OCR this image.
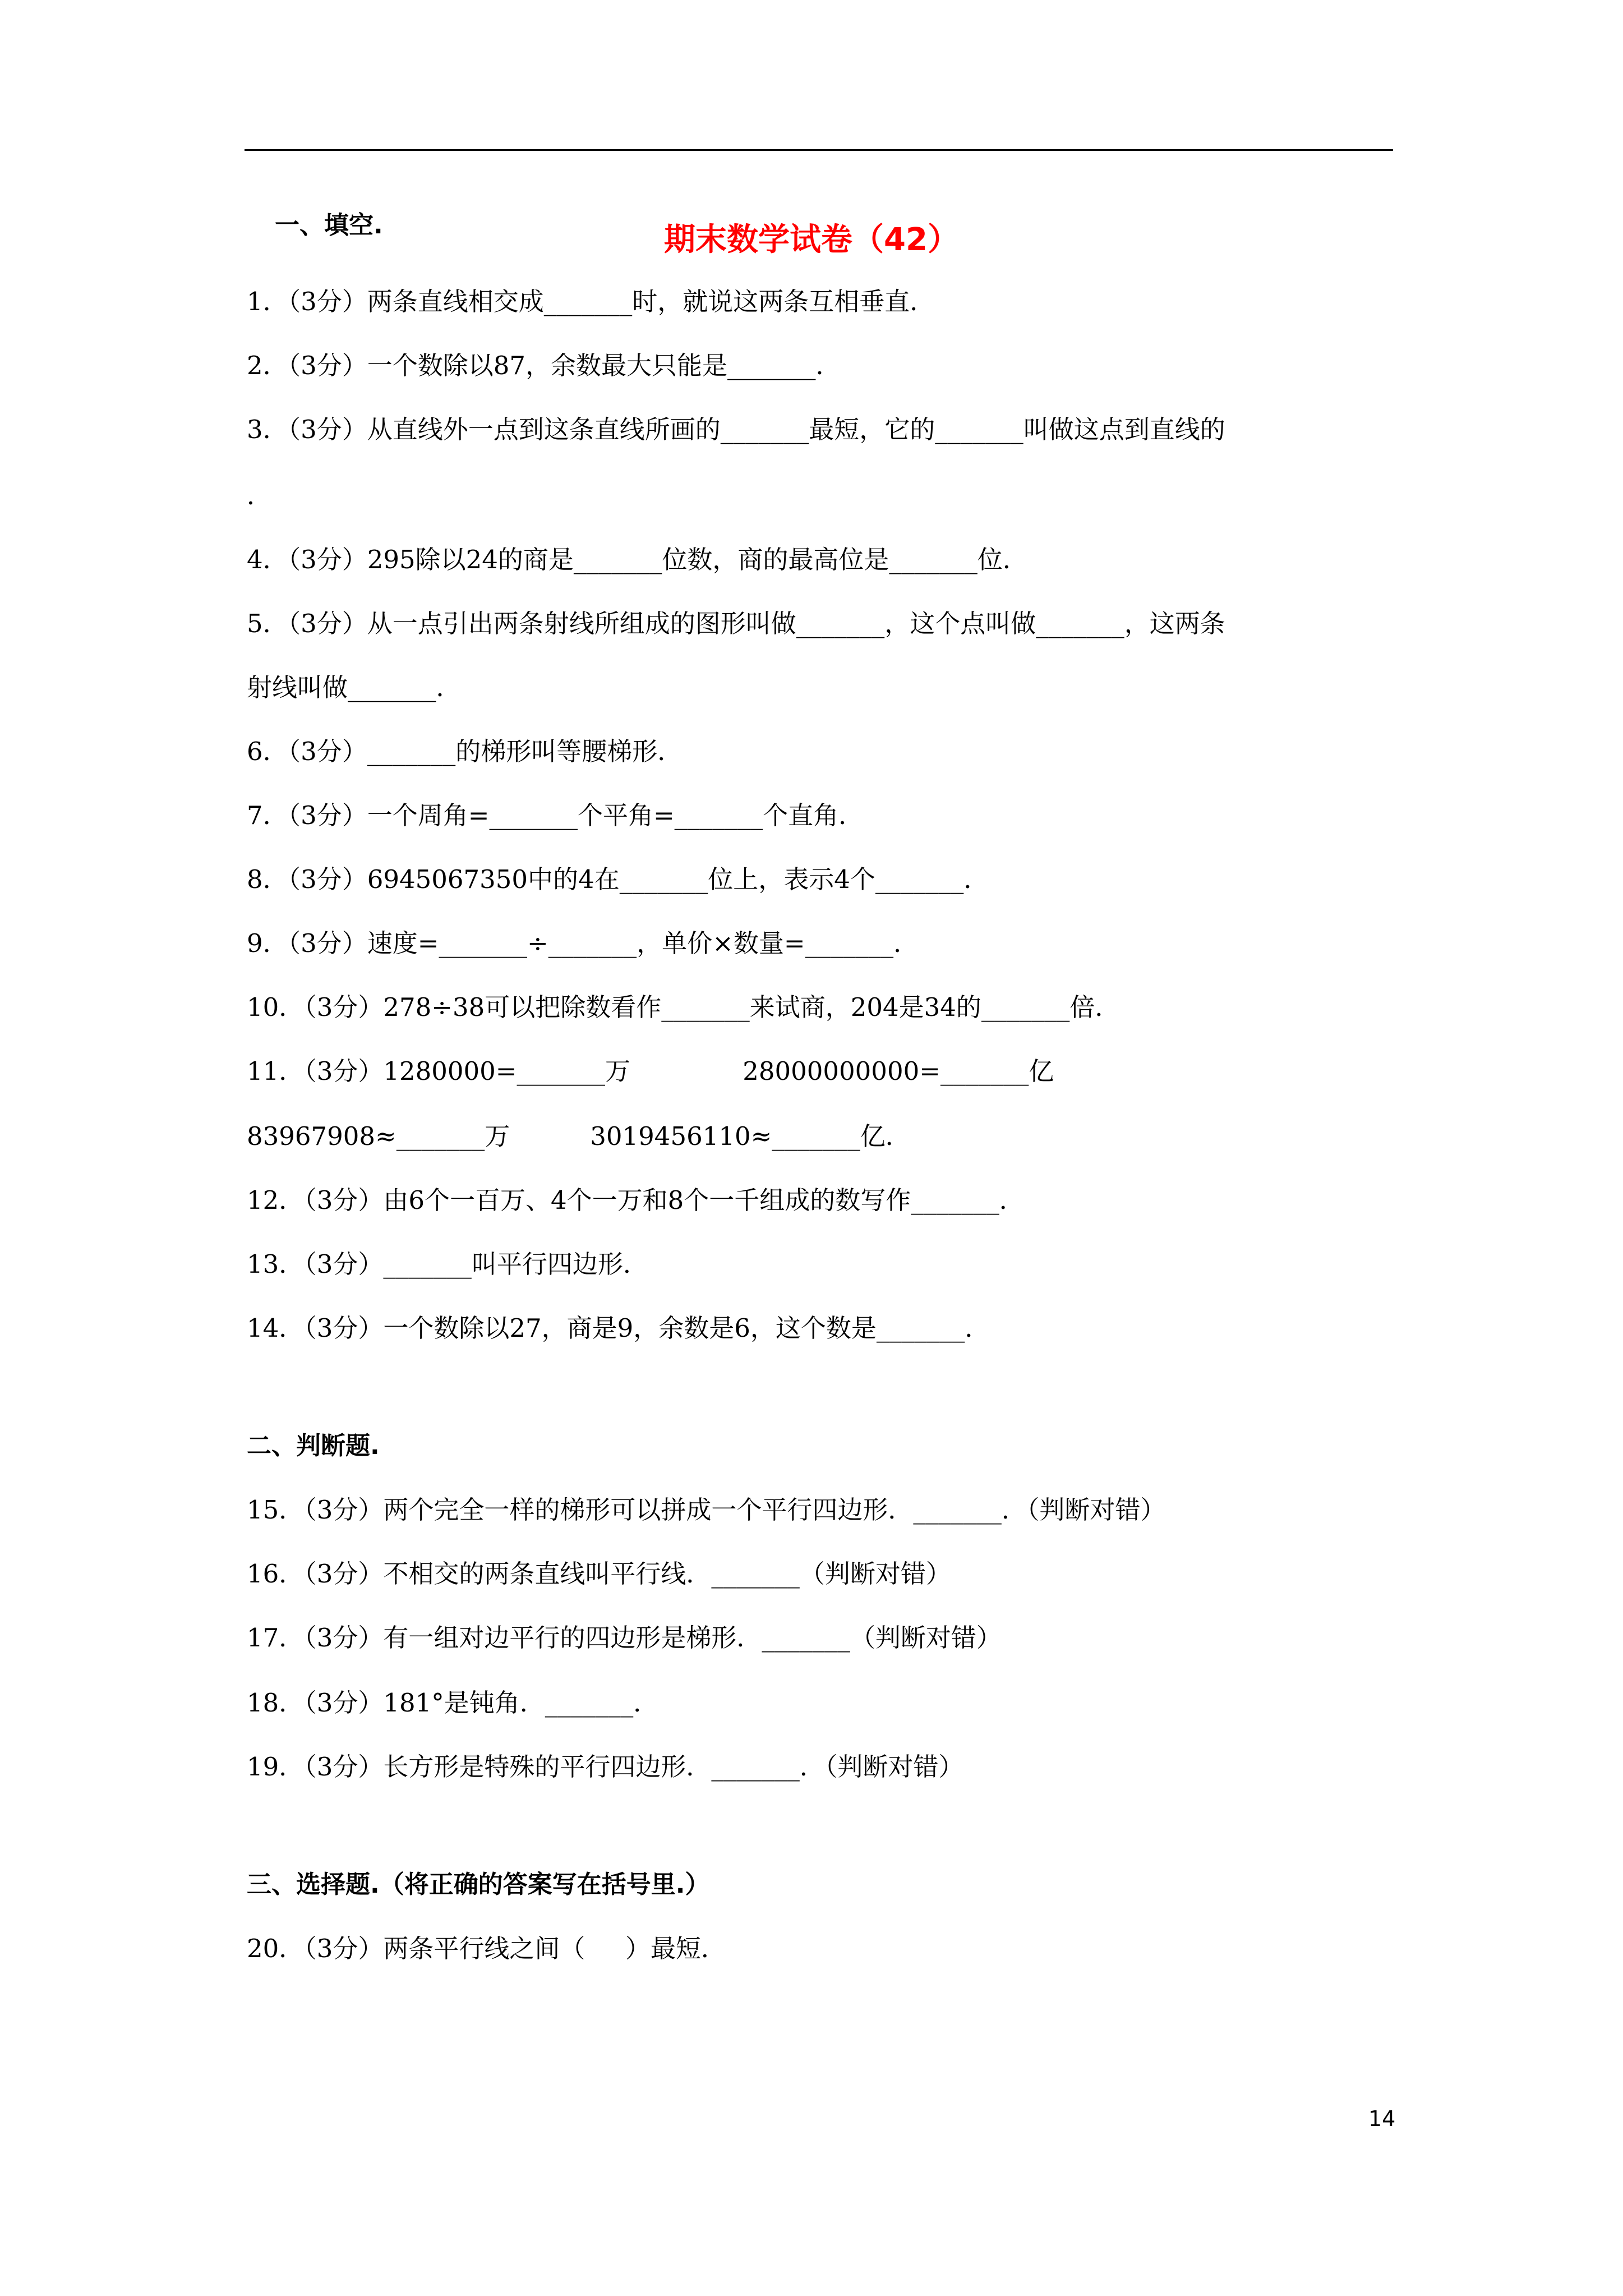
期末数学试卷（42）
一、填空.
1．（3分）两条直线相交成_______时，就说这两条互相垂直．
2．（3分）一个数除以87，余数最大只能是_______．
3．（3分）从直线外一点到这条直线所画的_______最短，它的_______叫做这点到直线的
．
4．（3分）295除以24的商是_______位数，商的最高位是_______位．
5．（3分）从一点引出两条射线所组成的图形叫做_______，这个点叫做_______，这两条
射线叫做_______．
6．（3分）_______的梯形叫等腰梯形．
7．（3分）一个周角=_______个平角=_______个直角．
8．（3分）6945067350中的4在_______位上，表示4个_______．
9．（3分）速度=_______÷_______，单价×数量=_______．
10．（3分）278÷38可以把除数看作_______来试商，204是34的_______倍．
11．（3分）1280000=_______万              28000000000=_______亿
83967908≈_______万          3019456110≈_______亿．
12．（3分）由6个一百万、4个一万和8个一千组成的数写作_______．
13．（3分）_______叫平行四边形．
14．（3分）一个数除以27，商是9，余数是6，这个数是_______．
二、判断题.
15．（3分）两个完全一样的梯形可以拼成一个平行四边形．_______．（判断对错）
16．（3分）不相交的两条直线叫平行线．_______（判断对错）
17．（3分）有一组对边平行的四边形是梯形．_______（判断对错）
18．（3分）181°是钝角．_______．
19．（3分）长方形是特殊的平行四边形．_______．（判断对错）
三、选择题.（将正确的答案写在括号里.）
20．（3分）两条平行线之间（     ）最短．
14
